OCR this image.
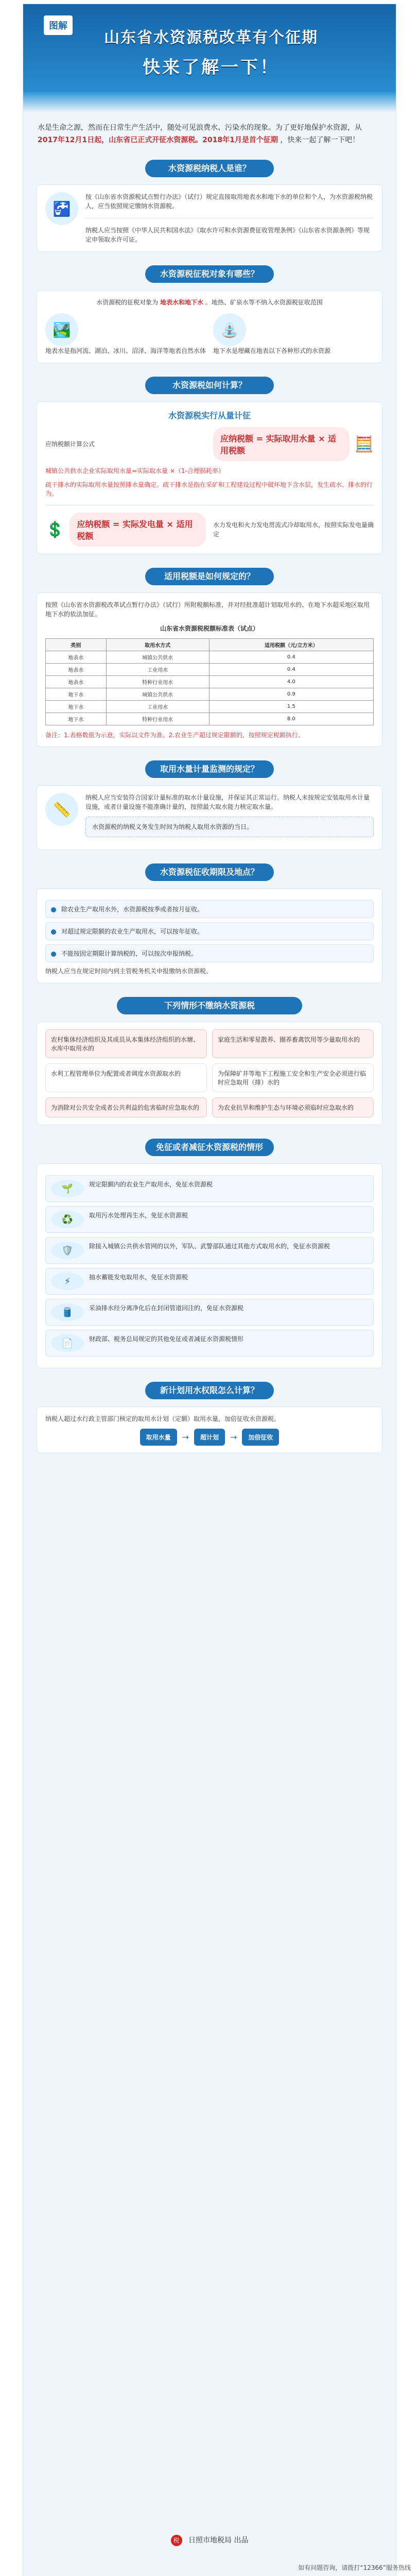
图解
山东省水资源税改革有个征期
快来了解一下！
水是生命之源，然而在日常生产生活中，随处可见浪费水、污染水的现象。为了更好地保护水资源，从 2017年12月1日起，山东省已正式开征水资源税。2018年1月是首个征期 ，快来一起了解一下吧！
水资源税纳税人是谁？
🚰
按《山东省水资源税试点暂行办法》（试行）规定直接取用地表水和地下水的单位和个人，为水资源税纳税人，应当依照规定缴纳水资源税。
纳税人应当按照《中华人民共和国水法》《取水许可和水资源费征收管理条例》《山东省水资源条例》等规定申领取水许可证。
水资源税征税对象有哪些？
水资源税的征税对象为 地表水和地下水 。地热、矿泉水等不纳入水资源税征收范围
🏞️
地表水是指河流、湖泊、冰川、沼泽、海洋等地表自然水体
⛲
地下水是埋藏在地表以下各种形式的水资源
水资源税如何计算？
水资源税实行从量计征
应纳税额计算公式
应纳税额 = 实际取用水量 × 适用税额	🧮
城镇公共供水企业实际取用水量=实际取水量 ×（1-合理损耗率）
疏干排水的实际取用水量按照排水量确定。疏干排水是指在采矿和工程建设过程中破坏地下含水层，发生疏水、排水的行为。
💲	应纳税额 = 实际发电量 × 适用税额
水力发电和火力发电贯流式冷却取用水，按照实际发电量确定
适用税额是如何规定的？
按照《山东省水资源税改革试点暂行办法》（试行）所附税额标准，并对经批准超计划取用水的、在地下水超采地区取用地下水的依法加征。
山东省水资源税税额标准表（试点）
类别	取用水方式	适用税额（元/立方米）
地表水	城镇公共供水	0.4
地表水	工业用水	0.4
地表水	特种行业用水	4.0
地下水	城镇公共供水	0.9
地下水	工业用水	1.5
地下水	特种行业用水	8.0
备注：1.表格数值为示意，实际以文件为准。2.农业生产超过规定限额的，按照规定税额执行。
取用水量计量监测的规定？
📏
纳税人应当安装符合国家计量标准的取水计量设施，并保证其正常运行。纳税人未按规定安装取用水计量设施，或者计量设施不能准确计量的，按照最大取水能力核定取水量。
水资源税的纳税义务发生时间为纳税人取用水资源的当日。
水资源税征收期限及地点？
除农业生产取用水外，水资源税按季或者按月征收。
对超过规定限额的农业生产取用水，可以按年征收。
不能按固定期限计算纳税的，可以按次申报纳税。
纳税人应当在规定时间内到主管税务机关申报缴纳水资源税。
下列情形不缴纳水资源税
农村集体经济组织及其成员从本集体经济组织的水塘、水库中取用水的
家庭生活和零星散养、圈养畜禽饮用等少量取用水的
水利工程管理单位为配置或者调度水资源取水的	为保障矿井等地下工程施工安全和生产安全必须进行临时应急取用（排）水的
为消除对公共安全或者公共利益的危害临时应急取水的	为农业抗旱和维护生态与环境必须临时应急取水的
免征或者减征水资源税的情形
🌱	规定限额内的农业生产取用水，免征水资源税
♻️	取用污水处理再生水，免征水资源税
🛡️	除接入城镇公共供水管网的以外，军队、武警部队通过其他方式取用水的，免征水资源税
⚡	抽水蓄能发电取用水，免征水资源税
🛢️	采油排水经分离净化后在封闭管道回注的，免征水资源税
📄	财政部、税务总局规定的其他免征或者减征水资源税情形
新计划用水权限怎么计算？
纳税人超过水行政主管部门核定的取用水计划（定额）取用水量，加倍征收水资源税。
取用水量	→	超计划	→	加倍征收
税 日照市地税局 出品
如有问题咨询，请拨打“12366”服务热线
